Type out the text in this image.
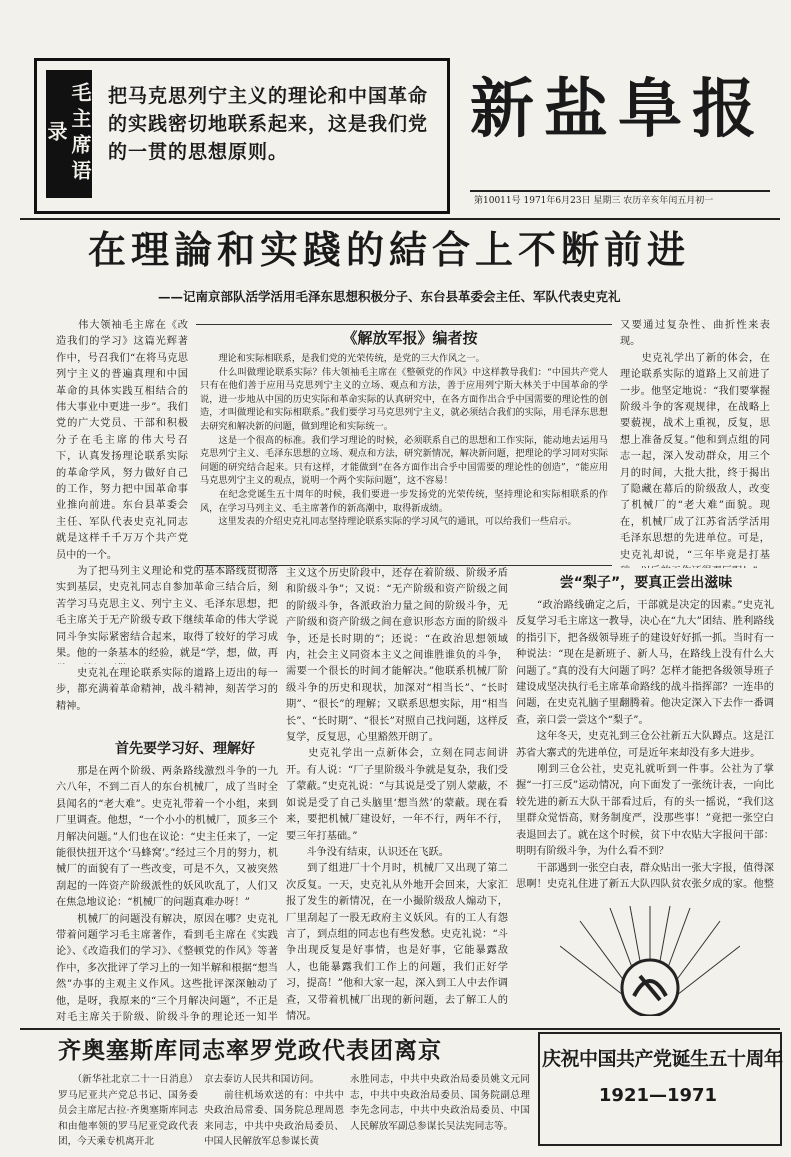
毛主席语录
把马克思列宁主义的理论和中国革命的实践密切地联系起来，这是我们党的一贯的思想原则。
新盐阜报
第10011号 1971年6月23日 星期三 农历辛亥年闰五月初一
在理論和实踐的結合上不断前进
——记南京部队活学活用毛泽东思想积极分子、东台县革委会主任、军队代表史克礼
　　伟大领袖毛主席在《改造我们的学习》这篇光辉著作中，号召我们“在将马克思列宁主义的普遍真理和中国革命的具体实践互相结合的伟大事业中更进一步”。我们党的广大党员、干部和积极分子在毛主席的伟大号召下，认真发扬理论联系实际的革命学风，努力做好自己的工作，努力把中国革命事业推向前进。东台县革委会主任、军队代表史克礼同志就是这样千千万万个共产党员中的一个。
　　为了把马列主义理论和党的基本路线贯彻落实到基层，史克礼同志自参加革命三结合后，刻苦学习马克思主义、列宁主义、毛泽东思想，把毛主席关于无产阶级专政下继续革命的伟大学说同斗争实际紧密结合起来，取得了较好的学习成果。他的一条基本的经验，就是“学，想，做，再
　　史克礼在理论联系实际的道路上迈出的每一步，都充满着革命精神，战斗精神，刻苦学习的精神。
《解放军报》编者按
　　理论和实际相联系，是我们党的光荣传统，是党的三大作风之一。
　　什么叫做理论联系实际？伟大领袖毛主席在《整顿党的作风》中这样教导我们：“中国共产党人只有在他们善于应用马克思列宁主义的立场、观点和方法，善于应用列宁斯大林关于中国革命的学说，进一步地从中国的历史实际和革命实际的认真研究中，在各方面作出合乎中国需要的理论性的创造，才叫做理论和实际相联系。”我们要学习马克思列宁主义，就必须结合我们的实际，用毛泽东思想去研究和解决新的问题，做到理论和实际统一。
　　这是一个很高的标准。我们学习理论的时候，必须联系自己的思想和工作实际，能动地去运用马克思列宁主义、毛泽东思想的立场、观点和方法，研究新情况，解决新问题，把理论的学习同对实际问题的研究结合起来。只有这样，才能做到“在各方面作出合乎中国需要的理论性的创造”，“能应用马克思列宁主义的观点，说明一个两个实际问题”，这不容易！
　　在纪念党诞生五十周年的时候，我们要进一步发扬党的光荣传统，坚持理论和实际相联系的作风，在学习马列主义、毛主席著作的新高潮中，取得新成绩。
　　这里发表的介绍史克礼同志坚持理论联系实际的学习风气的通讯，可以给我们一些启示。
又要通过复杂性、曲折性来表现。
　　史克礼学出了新的体会，在理论联系实际的道路上又前进了一步。他坚定地说：“我们要掌握阶级斗争的客观规律，在战略上要藐视，战术上重视，反复，思想上准备反复。”他和到点组的同志一起，深入发动群众，用三个月的时间，大批大批，终于揭出了隐藏在幕后的阶级敌人，改变了机械厂的“老大难”面貌。现在，机械厂成了江苏省活学活用毛泽东思想的先进单位。可是，史克礼却说，“三年毕竟是打基
首先要学习好、理解好
　　那是在两个阶级、两条路线激烈斗争的一九六八年，不到二百人的东台机械厂，成了当时全县闻名的“老大难”。史克礼带着一个小组，来到厂里调查。他想，“一个小小的机械厂，顶多三个月解决问题。”人们也在议论：“史主任来了，一定能很快扭开这个‘马蜂窝’。”经过三个月的努力，机械厂的面貌有了一些改变，可是不久，又被突然刮起的一阵资产阶级派性的妖风吹乱了，人们又在焦急地议论：“机械厂的问题真难办呀！”
　　机械厂的问题没有解决，原因在哪？史克礼带着问题学习毛主席著作，看到毛主席在《实践论》、《改造我们的学习》、《整顿党的作风》等著作中，多次批评了学习上的一知半解和根据“想当然”办事的主观主义作风。这些批评深深触动了他，是呀，我原来的“三个月解决问题”，不正是对毛主席关于阶级、阶级斗争的理论还一知半

主义这个历史阶段中，还存在着阶级、阶级矛盾和阶级斗争”；又说：“无产阶级和资产阶级之间的阶级斗争，各派政治力量之间的阶级斗争，无产阶级和资产阶级之间在意识形态方面的阶级斗争，还是长时期的”；还说：“在政治思想领域内，社会主义同资本主义之间谁胜谁负的斗争，需要一个很长的时间才能解决。”他联系机械厂阶级斗争的历史和现状，加深对“相当长”、“长时期”、“很长”的理解；又联系思想实际，用“相当长”、“长时期”、“很长”对照自己找问题，这样反复学，反复思，心里豁然开朗了。
　　史克礼学出一点新体会，立刻在同志间讲开。有人说：“厂子里阶级斗争就是复杂，我们受了蒙蔽。”史克礼说：“与其说是受了别人蒙蔽，不如说是受了自己头脑里‘想当然’的蒙蔽。现在看来，要把机械厂建设好，一年不行，两年不行，要三年打基础。”
　　斗争没有结束，认识还在飞跃。
　　到了组进厂十个月时，机械厂又出现了第二次反复。一天，史克礼从外地开会回来，大家汇报了发生的新情况，在一小撮阶级敌人煽动下，厂里刮起了一股无政府主义妖风。有的工人有怨言了，到点组的同志也有些发愁。史克礼说：“斗争出现反复是好事情，也是好事，它能暴露敌人，也能暴露我们工作上的问题，我们正好学习，提高！”他和大家一起，深入到工人中去作调查，又带着机械厂出现的新问题，去了解工人的情况。

尝“梨子”，要真正尝出滋味
　　“政治路线确定之后，干部就是决定的因素。”史克礼反复学习毛主席这一教导，决心在“九大”团结、胜利路线的指引下，把各级领导班子的建设好好抓一抓。当时有一种说法：“现在是新班子、新人马，在路线上没有什么大问题了。”真的没有大问题了吗？怎样才能把各级领导班子建设成坚决执行毛主席革命路线的战斗指挥部？一连串的问题，在史克礼脑子里翻腾着。他决定深入下去作一番调查，亲口尝一尝这个“梨子”。
　　这年冬天，史克礼到三仓公社新五大队蹲点。这是江苏省大寨式的先进单位，可是近年来却没有多大进步。
　　刚到三仓公社，史克礼就听到一件事。公社为了掌握“一打三反”运动情况，向下面发了一张统计表，一向比较先进的新五大队干部看过后，有的头一摇说，“我们这里群众觉悟高，财务制度严，没那些事！”竟把一张空白表退回去了。就在这个时候，贫下中农贴大字报问干部：明明有阶级斗争，为什么看不到？
　　干部遇到一张空白表，群众贴出一张大字报，值得深思啊！史克礼住进了新五大队四队贫农张夕成的家。他整
齐奥塞斯库同志率罗党政代表团离京
　　（新华社北京二十一日消息）罗马尼亚共产党总书记、国务委员会主席尼古拉·齐奥塞斯库同志和由他率领的罗马尼亚党政代表团，今天乘专机离开北
京去泰访人民共和国访问。
　　前往机场欢送的有：中共中央政治局常委、国务院总理周恩来同志，中共中央政治局委员、中国人民解放军总参谋长黄
永胜同志，中共中央政治局委员姚文元同志，中共中央政治局委员、国务院副总理李先念同志，中共中央政治局委员、中国人民解放军副总参谋长吴法宪同志等。
庆祝中国共产党诞生五十周年
1921—1971
